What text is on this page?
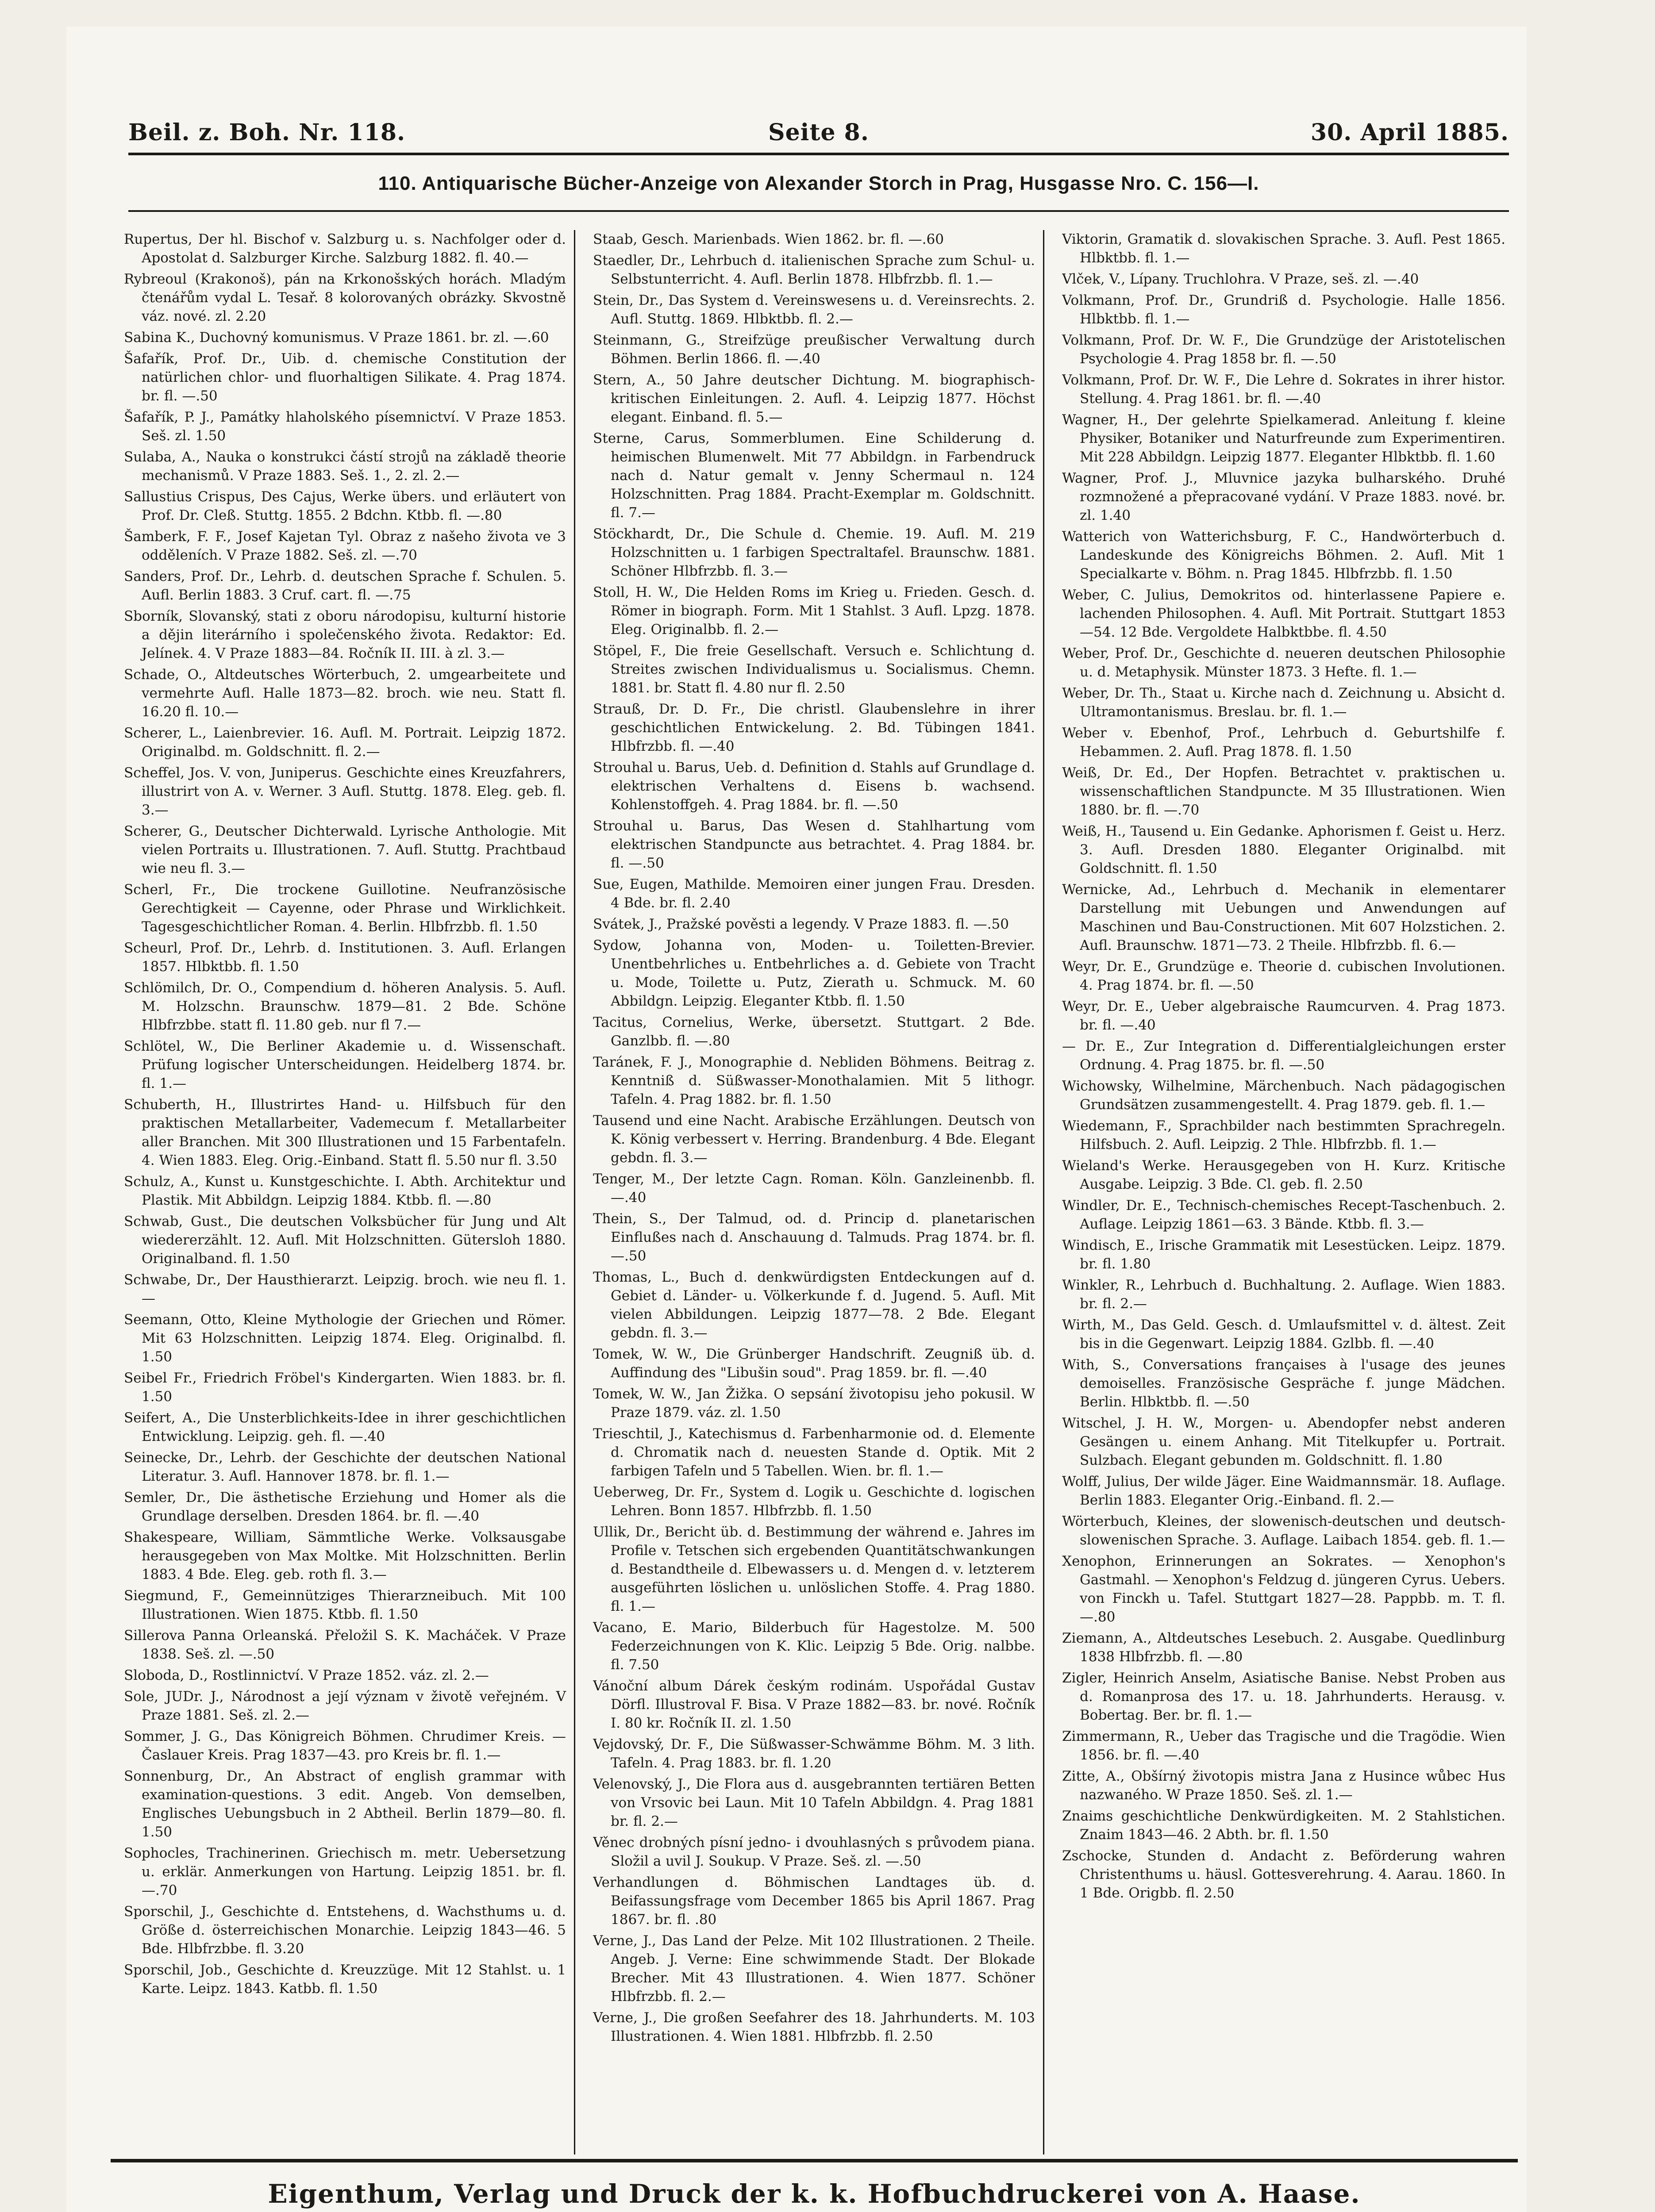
Beil. z. Boh. Nr. 118.	Seite 8.	30. April 1885.
110. Antiquarische Bücher-Anzeige von Alexander Storch in Prag, Husgasse Nro. C. 156—I.

Rupertus, Der hl. Bischof v. Salzburg u. s. Nachfolger oder d. Apostolat d. Salzburger Kirche. Salzburg 1882. fl. 40.—

Rybreoul (Krakonoš), pán na Krkonošských horách. Mladým čtenářům vydal L. Tesař. 8 kolorovaných obrázky. Skvostně váz. nové. zl. 2.20

Sabina K., Duchovný komunismus. V Praze 1861. br. zl. —.60

Šafařík, Prof. Dr., Uib. d. chemische Constitution der natürlichen chlor- und fluorhaltigen Silikate. 4. Prag 1874. br. fl. —.50

Šafařík, P. J., Památky hlaholského písemnictví. V Praze 1853. Seš. zl. 1.50

Sulaba, A., Nauka o konstrukci částí strojů na základě theorie mechanismů. V Praze 1883. Seš. 1., 2. zl. 2.—

Sallustius Crispus, Des Cajus, Werke übers. und erläutert von Prof. Dr. Cleß. Stuttg. 1855. 2 Bdchn. Ktbb. fl. —.80

Šamberk, F. F., Josef Kajetan Tyl. Obraz z našeho života ve 3 odděleních. V Praze 1882. Seš. zl. —.70

Sanders, Prof. Dr., Lehrb. d. deutschen Sprache f. Schulen. 5. Aufl. Berlin 1883. 3 Cruf. cart. fl. —.75

Sborník, Slovanský, stati z oboru národopisu, kulturní historie a dějin literárního i společenského života. Redaktor: Ed. Jelínek. 4. V Praze 1883—84. Ročník II. III. à zl. 3.—

Schade, O., Altdeutsches Wörterbuch, 2. umgearbeitete und vermehrte Aufl. Halle 1873—82. broch. wie neu. Statt fl. 16.20 fl. 10.—

Scherer, L., Laienbrevier. 16. Aufl. M. Portrait. Leipzig 1872. Originalbd. m. Goldschnitt. fl. 2.—

Scheffel, Jos. V. von, Juniperus. Geschichte eines Kreuzfahrers, illustrirt von A. v. Werner. 3 Aufl. Stuttg. 1878. Eleg. geb. fl. 3.—

Scherer, G., Deutscher Dichterwald. Lyrische Anthologie. Mit vielen Portraits u. Illustrationen. 7. Aufl. Stuttg. Prachtbaud wie neu fl. 3.—

Scherl, Fr., Die trockene Guillotine. Neufranzösische Gerechtigkeit — Cayenne, oder Phrase und Wirklichkeit. Tagesgeschichtlicher Roman. 4. Berlin. Hlbfrzbb. fl. 1.50

Scheurl, Prof. Dr., Lehrb. d. Institutionen. 3. Aufl. Erlangen 1857. Hlbktbb. fl. 1.50

Schlömilch, Dr. O., Compendium d. höheren Analysis. 5. Aufl. M. Holzschn. Braunschw. 1879—81. 2 Bde. Schöne Hlbfrzbbe. statt fl. 11.80 geb. nur fl 7.—

Schlötel, W., Die Berliner Akademie u. d. Wissenschaft. Prüfung logischer Unterscheidungen. Heidelberg 1874. br. fl. 1.—

Schuberth, H., Illustrirtes Hand- u. Hilfsbuch für den praktischen Metallarbeiter, Vademecum f. Metallarbeiter aller Branchen. Mit 300 Illustrationen und 15 Farbentafeln. 4. Wien 1883. Eleg. Orig.-Einband. Statt fl. 5.50 nur fl. 3.50

Schulz, A., Kunst u. Kunstgeschichte. I. Abth. Architektur und Plastik. Mit Abbildgn. Leipzig 1884. Ktbb. fl. —.80

Schwab, Gust., Die deutschen Volksbücher für Jung und Alt wiedererzählt. 12. Aufl. Mit Holzschnitten. Gütersloh 1880. Originalband. fl. 1.50

Schwabe, Dr., Der Hausthierarzt. Leipzig. broch. wie neu fl. 1.—

Seemann, Otto, Kleine Mythologie der Griechen und Römer. Mit 63 Holzschnitten. Leipzig 1874. Eleg. Originalbd. fl. 1.50

Seibel Fr., Friedrich Fröbel's Kindergarten. Wien 1883. br. fl. 1.50

Seifert, A., Die Unsterblichkeits-Idee in ihrer geschichtlichen Entwicklung. Leipzig. geh. fl. —.40

Seinecke, Dr., Lehrb. der Geschichte der deutschen National Literatur. 3. Aufl. Hannover 1878. br. fl. 1.—

Semler, Dr., Die ästhetische Erziehung und Homer als die Grundlage derselben. Dresden 1864. br. fl. —.40

Shakespeare, William, Sämmtliche Werke. Volksausgabe herausgegeben von Max Moltke. Mit Holzschnitten. Berlin 1883. 4 Bde. Eleg. geb. roth fl. 3.—

Siegmund, F., Gemeinnütziges Thierarzneibuch. Mit 100 Illustrationen. Wien 1875. Ktbb. fl. 1.50

Sillerova Panna Orleanská. Přeložil S. K. Macháček. V Praze 1838. Seš. zl. —.50

Sloboda, D., Rostlinnictví. V Praze 1852. váz. zl. 2.—

Sole, JUDr. J., Národnost a její význam v životě veřejném. V Praze 1881. Seš. zl. 2.—

Sommer, J. G., Das Königreich Böhmen. Chrudimer Kreis. — Časlauer Kreis. Prag 1837—43. pro Kreis br. fl. 1.—

Sonnenburg, Dr., An Abstract of english grammar with examination-questions. 3 edit. Angeb. Von demselben, Englisches Uebungsbuch in 2 Abtheil. Berlin 1879—80. fl. 1.50

Sophocles, Trachinerinen. Griechisch m. metr. Uebersetzung u. erklär. Anmerkungen von Hartung. Leipzig 1851. br. fl. —.70

Sporschil, J., Geschichte d. Entstehens, d. Wachsthums u. d. Größe d. österreichischen Monarchie. Leipzig 1843—46. 5 Bde. Hlbfrzbbe. fl. 3.20

Sporschil, Job., Geschichte d. Kreuzzüge. Mit 12 Stahlst. u. 1 Karte. Leipz. 1843. Katbb. fl. 1.50

Staab, Gesch. Marienbads. Wien 1862. br. fl. —.60

Staedler, Dr., Lehrbuch d. italienischen Sprache zum Schul- u. Selbstunterricht. 4. Aufl. Berlin 1878. Hlbfrzbb. fl. 1.—

Stein, Dr., Das System d. Vereinswesens u. d. Vereinsrechts. 2. Aufl. Stuttg. 1869. Hlbktbb. fl. 2.—

Steinmann, G., Streifzüge preußischer Verwaltung durch Böhmen. Berlin 1866. fl. —.40

Stern, A., 50 Jahre deutscher Dichtung. M. biographisch-kritischen Einleitungen. 2. Aufl. 4. Leipzig 1877. Höchst elegant. Einband. fl. 5.—

Sterne, Carus, Sommerblumen. Eine Schilderung d. heimischen Blumenwelt. Mit 77 Abbildgn. in Farbendruck nach d. Natur gemalt v. Jenny Schermaul n. 124 Holzschnitten. Prag 1884. Pracht-Exemplar m. Goldschnitt. fl. 7.—

Stöckhardt, Dr., Die Schule d. Chemie. 19. Aufl. M. 219 Holzschnitten u. 1 farbigen Spectraltafel. Braunschw. 1881. Schöner Hlbfrzbb. fl. 3.—

Stoll, H. W., Die Helden Roms im Krieg u. Frieden. Gesch. d. Römer in biograph. Form. Mit 1 Stahlst. 3 Aufl. Lpzg. 1878. Eleg. Originalbb. fl. 2.—

Stöpel, F., Die freie Gesellschaft. Versuch e. Schlichtung d. Streites zwischen Individualismus u. Socialismus. Chemn. 1881. br. Statt fl. 4.80 nur fl. 2.50

Strauß, Dr. D. Fr., Die christl. Glaubenslehre in ihrer geschichtlichen Entwickelung. 2. Bd. Tübingen 1841. Hlbfrzbb. fl. —.40

Strouhal u. Barus, Ueb. d. Definition d. Stahls auf Grundlage d. elektrischen Verhaltens d. Eisens b. wachsend. Kohlenstoffgeh. 4. Prag 1884. br. fl. —.50

Strouhal u. Barus, Das Wesen d. Stahlhartung vom elektrischen Standpuncte aus betrachtet. 4. Prag 1884. br. fl. —.50

Sue, Eugen, Mathilde. Memoiren einer jungen Frau. Dresden. 4 Bde. br. fl. 2.40

Svátek, J., Pražské pověsti a legendy. V Praze 1883. fl. —.50

Sydow, Johanna von, Moden- u. Toiletten-Brevier. Unentbehrliches u. Entbehrliches a. d. Gebiete von Tracht u. Mode, Toilette u. Putz, Zierath u. Schmuck. M. 60 Abbildgn. Leipzig. Eleganter Ktbb. fl. 1.50

Tacitus, Cornelius, Werke, übersetzt. Stuttgart. 2 Bde. Ganzlbb. fl. —.80

Taránek, F. J., Monographie d. Nebliden Böhmens. Beitrag z. Kenntniß d. Süßwasser-Monothalamien. Mit 5 lithogr. Tafeln. 4. Prag 1882. br. fl. 1.50

Tausend und eine Nacht. Arabische Erzählungen. Deutsch von K. König verbessert v. Herring. Brandenburg. 4 Bde. Elegant gebdn. fl. 3.—

Tenger, M., Der letzte Cagn. Roman. Köln. Ganzleinenbb. fl. —.40

Thein, S., Der Talmud, od. d. Princip d. planetarischen Einflußes nach d. Anschauung d. Talmuds. Prag 1874. br. fl. —.50

Thomas, L., Buch d. denkwürdigsten Entdeckungen auf d. Gebiet d. Länder- u. Völkerkunde f. d. Jugend. 5. Aufl. Mit vielen Abbildungen. Leipzig 1877—78. 2 Bde. Elegant gebdn. fl. 3.—

Tomek, W. W., Die Grünberger Handschrift. Zeugniß üb. d. Auffindung des "Libušin soud". Prag 1859. br. fl. —.40

Tomek, W. W., Jan Žižka. O sepsání životopisu jeho pokusil. W Praze 1879. váz. zl. 1.50

Trieschtil, J., Katechismus d. Farbenharmonie od. d. Elemente d. Chromatik nach d. neuesten Stande d. Optik. Mit 2 farbigen Tafeln und 5 Tabellen. Wien. br. fl. 1.—

Ueberweg, Dr. Fr., System d. Logik u. Geschichte d. logischen Lehren. Bonn 1857. Hlbfrzbb. fl. 1.50

Ullik, Dr., Bericht üb. d. Bestimmung der während e. Jahres im Profile v. Tetschen sich ergebenden Quantitätschwankungen d. Bestandtheile d. Elbewassers u. d. Mengen d. v. letzterem ausgeführten löslichen u. unlöslichen Stoffe. 4. Prag 1880. fl. 1.—

Vacano, E. Mario, Bilderbuch für Hagestolze. M. 500 Federzeichnungen von K. Klic. Leipzig 5 Bde. Orig. nalbbe. fl. 7.50

Vánoční album Dárek českým rodinám. Uspořádal Gustav Dörfl. Illustroval F. Bisa. V Praze 1882—83. br. nové. Ročník I. 80 kr. Ročník II. zl. 1.50

Vejdovský, Dr. F., Die Süßwasser-Schwämme Böhm. M. 3 lith. Tafeln. 4. Prag 1883. br. fl. 1.20

Velenovský, J., Die Flora aus d. ausgebrannten tertiären Betten von Vrsovic bei Laun. Mit 10 Tafeln Abbildgn. 4. Prag 1881 br. fl. 2.—

Věnec drobných písní jedno- i dvouhlasných s průvodem piana. Složil a uvil J. Soukup. V Praze. Seš. zl. —.50

Verhandlungen d. Böhmischen Landtages üb. d. Beifassungsfrage vom December 1865 bis April 1867. Prag 1867. br. fl. .80

Verne, J., Das Land der Pelze. Mit 102 Illustrationen. 2 Theile. Angeb. J. Verne: Eine schwimmende Stadt. Der Blokade Brecher. Mit 43 Illustrationen. 4. Wien 1877. Schöner Hlbfrzbb. fl. 2.—

Verne, J., Die großen Seefahrer des 18. Jahrhunderts. M. 103 Illustrationen. 4. Wien 1881. Hlbfrzbb. fl. 2.50

Viktorin, Gramatik d. slovakischen Sprache. 3. Aufl. Pest 1865. Hlbktbb. fl. 1.—

Vlček, V., Lípany. Truchlohra. V Praze, seš. zl. —.40

Volkmann, Prof. Dr., Grundriß d. Psychologie. Halle 1856. Hlbktbb. fl. 1.—

Volkmann, Prof. Dr. W. F., Die Grundzüge der Aristotelischen Psychologie 4. Prag 1858 br. fl. —.50

Volkmann, Prof. Dr. W. F., Die Lehre d. Sokrates in ihrer histor. Stellung. 4. Prag 1861. br. fl. —.40

Wagner, H., Der gelehrte Spielkamerad. Anleitung f. kleine Physiker, Botaniker und Naturfreunde zum Experimentiren. Mit 228 Abbildgn. Leipzig 1877. Eleganter Hlbktbb. fl. 1.60

Wagner, Prof. J., Mluvnice jazyka bulharského. Druhé rozmnožené a přepracované vydání. V Praze 1883. nové. br. zl. 1.40

Watterich von Watterichsburg, F. C., Handwörterbuch d. Landeskunde des Königreichs Böhmen. 2. Aufl. Mit 1 Specialkarte v. Böhm. n. Prag 1845. Hlbfrzbb. fl. 1.50

Weber, C. Julius, Demokritos od. hinterlassene Papiere e. lachenden Philosophen. 4. Aufl. Mit Portrait. Stuttgart 1853—54. 12 Bde. Vergoldete Halbktbbe. fl. 4.50

Weber, Prof. Dr., Geschichte d. neueren deutschen Philosophie u. d. Metaphysik. Münster 1873. 3 Hefte. fl. 1.—

Weber, Dr. Th., Staat u. Kirche nach d. Zeichnung u. Absicht d. Ultramontanismus. Breslau. br. fl. 1.—

Weber v. Ebenhof, Prof., Lehrbuch d. Geburtshilfe f. Hebammen. 2. Aufl. Prag 1878. fl. 1.50

Weiß, Dr. Ed., Der Hopfen. Betrachtet v. praktischen u. wissenschaftlichen Standpuncte. M 35 Illustrationen. Wien 1880. br. fl. —.70

Weiß, H., Tausend u. Ein Gedanke. Aphorismen f. Geist u. Herz. 3. Aufl. Dresden 1880. Eleganter Originalbd. mit Goldschnitt. fl. 1.50

Wernicke, Ad., Lehrbuch d. Mechanik in elementarer Darstellung mit Uebungen und Anwendungen auf Maschinen und Bau-Constructionen. Mit 607 Holzstichen. 2. Aufl. Braunschw. 1871—73. 2 Theile. Hlbfrzbb. fl. 6.—

Weyr, Dr. E., Grundzüge e. Theorie d. cubischen Involutionen. 4. Prag 1874. br. fl. —.50

Weyr, Dr. E., Ueber algebraische Raumcurven. 4. Prag 1873. br. fl. —.40

— Dr. E., Zur Integration d. Differentialgleichungen erster Ordnung. 4. Prag 1875. br. fl. —.50

Wichowsky, Wilhelmine, Märchenbuch. Nach pädagogischen Grundsätzen zusammengestellt. 4. Prag 1879. geb. fl. 1.—

Wiedemann, F., Sprachbilder nach bestimmten Sprachregeln. Hilfsbuch. 2. Aufl. Leipzig. 2 Thle. Hlbfrzbb. fl. 1.—

Wieland's Werke. Herausgegeben von H. Kurz. Kritische Ausgabe. Leipzig. 3 Bde. Cl. geb. fl. 2.50

Windler, Dr. E., Technisch-chemisches Recept-Taschenbuch. 2. Auflage. Leipzig 1861—63. 3 Bände. Ktbb. fl. 3.—

Windisch, E., Irische Grammatik mit Lesestücken. Leipz. 1879. br. fl. 1.80

Winkler, R., Lehrbuch d. Buchhaltung. 2. Auflage. Wien 1883. br. fl. 2.—

Wirth, M., Das Geld. Gesch. d. Umlaufsmittel v. d. ältest. Zeit bis in die Gegenwart. Leipzig 1884. Gzlbb. fl. —.40

With, S., Conversations françaises à l'usage des jeunes demoiselles. Französische Gespräche f. junge Mädchen. Berlin. Hlbktbb. fl. —.50

Witschel, J. H. W., Morgen- u. Abendopfer nebst anderen Gesängen u. einem Anhang. Mit Titelkupfer u. Portrait. Sulzbach. Elegant gebunden m. Goldschnitt. fl. 1.80

Wolff, Julius, Der wilde Jäger. Eine Waidmannsmär. 18. Auflage. Berlin 1883. Eleganter Orig.-Einband. fl. 2.—

Wörterbuch, Kleines, der slowenisch-deutschen und deutsch-slowenischen Sprache. 3. Auflage. Laibach 1854. geb. fl. 1.—

Xenophon, Erinnerungen an Sokrates. — Xenophon's Gastmahl. — Xenophon's Feldzug d. jüngeren Cyrus. Uebers. von Finckh u. Tafel. Stuttgart 1827—28. Pappbb. m. T. fl. —.80

Ziemann, A., Altdeutsches Lesebuch. 2. Ausgabe. Quedlinburg 1838 Hlbfrzbb. fl. —.80

Zigler, Heinrich Anselm, Asiatische Banise. Nebst Proben aus d. Romanprosa des 17. u. 18. Jahrhunderts. Herausg. v. Bobertag. Ber. br. fl. 1.—

Zimmermann, R., Ueber das Tragische und die Tragödie. Wien 1856. br. fl. —.40

Zitte, A., Obšírný životopis mistra Jana z Husince wůbec Hus nazwaného. W Praze 1850. Seš. zl. 1.—

Znaims geschichtliche Denkwürdigkeiten. M. 2 Stahlstichen. Znaim 1843—46. 2 Abth. br. fl. 1.50

Zschocke, Stunden d. Andacht z. Beförderung wahren Christenthums u. häusl. Gottesverehrung. 4. Aarau. 1860. In 1 Bde. Origbb. fl. 2.50

Eigenthum, Verlag und Druck der k. k. Hofbuchdruckerei von A. Haase.
